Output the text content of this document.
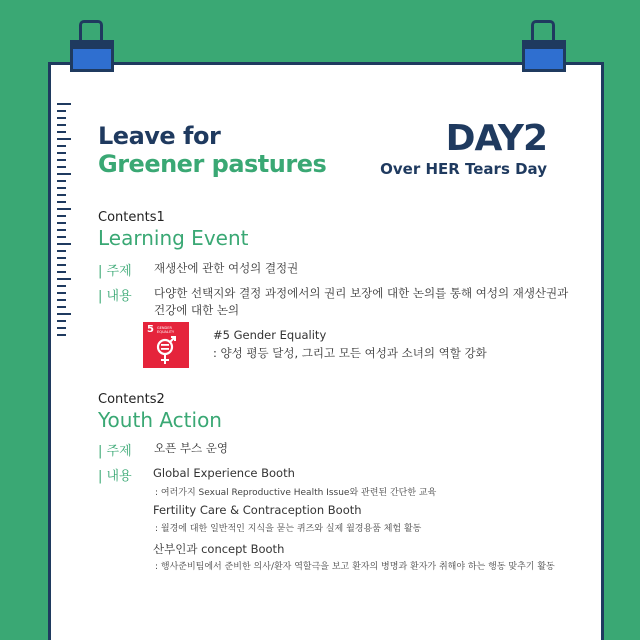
Leave for
Greener pastures
DAY2
Over HER Tears Day
Contents1
Learning Event
| 주제 재생산에 관한 여성의 결정권
| 내용 다양한 선택지와 결정 과정에서의 권리 보장에 대한 논의를 통해 여성의 재생산권과
건강에 대한 논의
5 GENDER EQUALITY	#5 Gender Equality
: 양성 평등 달성, 그리고 모든 여성과 소녀의 역할 강화
Contents2
Youth Action
| 주제 오픈 부스 운영
| 내용 Global Experience Booth
: 여러가지 Sexual Reproductive Health Issue와 관련된 간단한 교육
Fertility Care & Contraception Booth
: 월경에 대한 일반적인 지식을 묻는 퀴즈와 실제 월경용품 체험 활동
산부인과 concept Booth
: 행사준비팀에서 준비한 의사/환자 역할극을 보고 환자의 병명과 환자가 취해야 하는 행동 맞추기 활동
